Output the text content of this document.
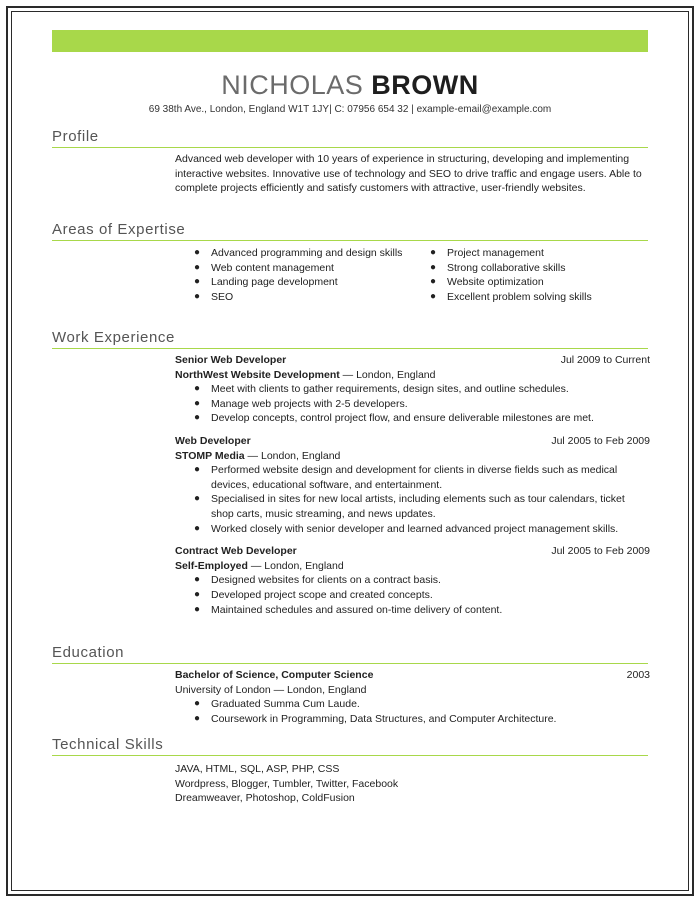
NICHOLAS BROWN
69 38th Ave., London, England W1T 1JY| C: 07956 654 32 | example-email@example.com
Profile

Advanced web developer with 10 years of experience in structuring, developing and implementing interactive websites. Innovative use of technology and SEO to drive traffic and engage users. Able to complete projects efficiently and satisfy customers with attractive, user-friendly websites.

Areas of Expertise
● Advanced programming and design skills
● Web content management
● Landing page development
● SEO
● Project management
● Strong collaborative skills
● Website optimization
● Excellent problem solving skills
Work Experience
Senior Web Developer	Jul 2009 to Current
NorthWest Website Development — London, England
● Meet with clients to gather requirements, design sites, and outline schedules.
● Manage web projects with 2-5 developers.
● Develop concepts, control project flow, and ensure deliverable milestones are met.
Web Developer	Jul 2005 to Feb 2009
STOMP Media — London, England
● Performed website design and development for clients in diverse fields such as medical devices, educational software, and entertainment.
● Specialised in sites for new local artists, including elements such as tour calendars, ticket shop carts, music streaming, and news updates.
● Worked closely with senior developer and learned advanced project management skills.
Contract Web Developer	Jul 2005 to Feb 2009
Self-Employed — London, England
● Designed websites for clients on a contract basis.
● Developed project scope and created concepts.
● Maintained schedules and assured on-time delivery of content.
Education
Bachelor of Science, Computer Science	2003
University of London — London, England
● Graduated Summa Cum Laude.
● Coursework in Programming, Data Structures, and Computer Architecture.
Technical Skills
JAVA, HTML, SQL, ASP, PHP, CSS
Wordpress, Blogger, Tumbler, Twitter, Facebook
Dreamweaver, Photoshop, ColdFusion
